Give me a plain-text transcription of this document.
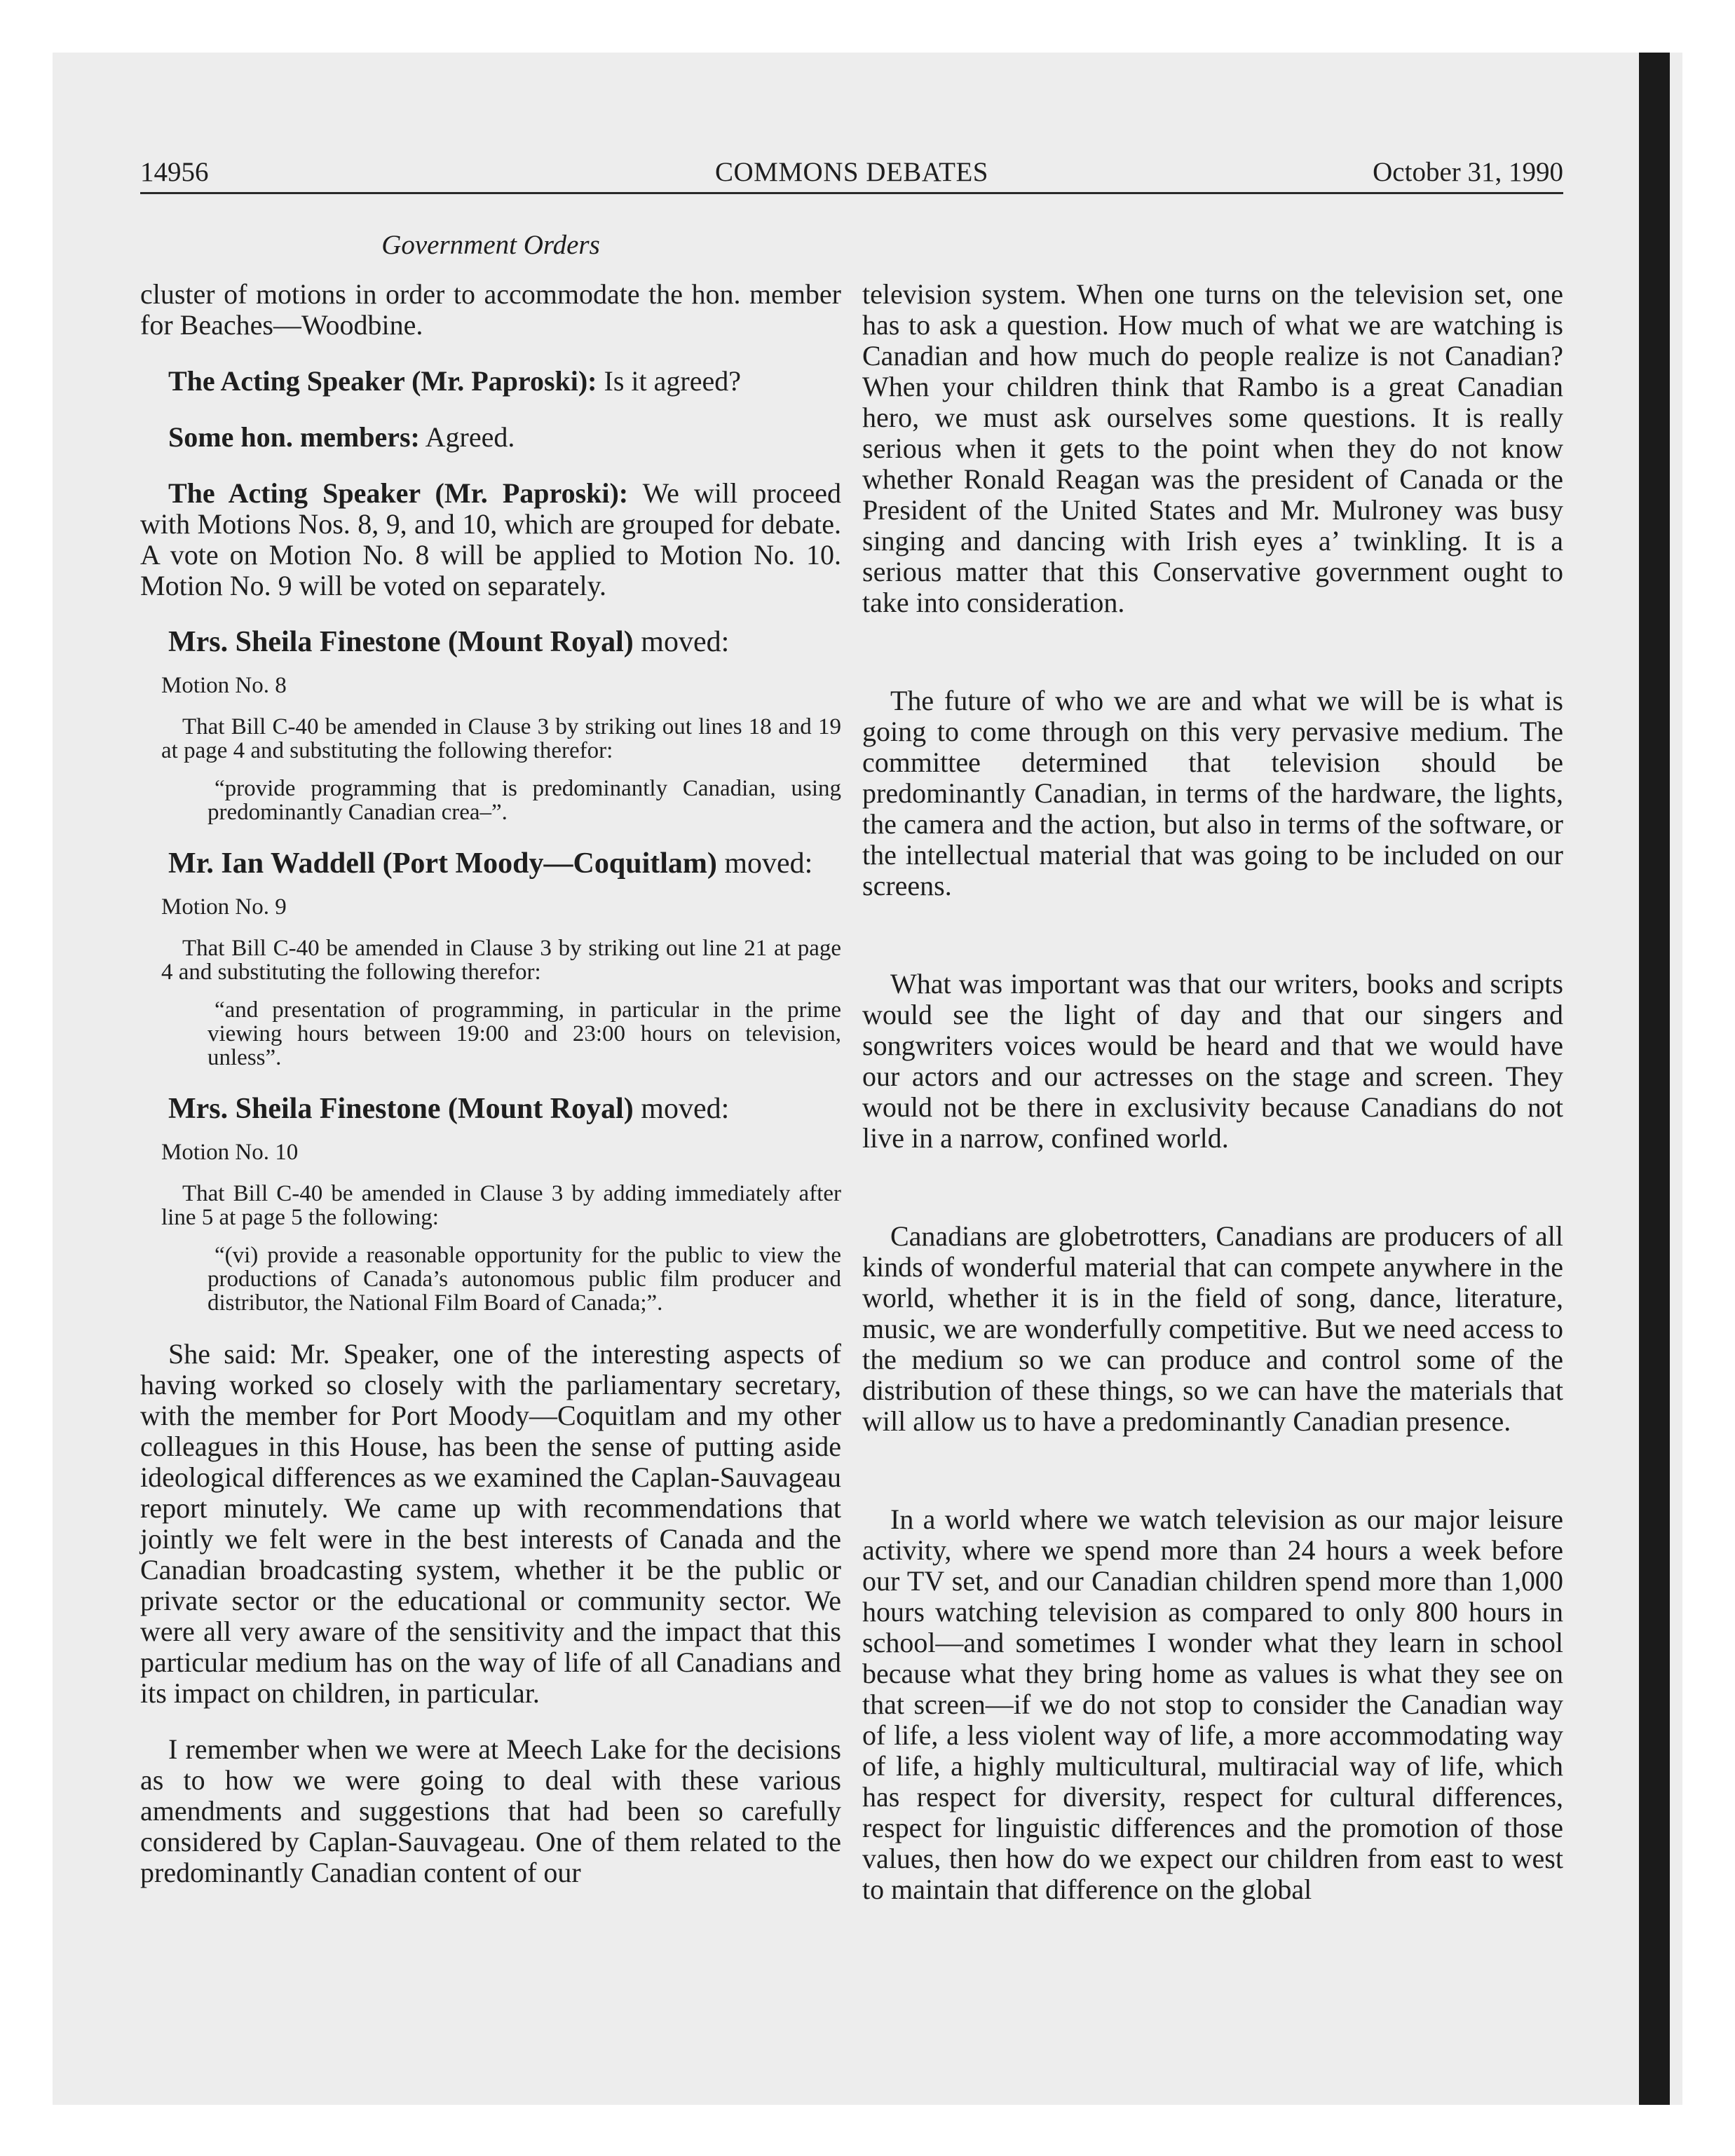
14956	COMMONS DEBATES	October 31, 1990
Government Orders

cluster of motions in order to accommodate the hon. member for Beaches—Woodbine.

The Acting Speaker (Mr. Paproski): Is it agreed?

Some hon. members: Agreed.

The Acting Speaker (Mr. Paproski): We will proceed with Motions Nos. 8, 9, and 10, which are grouped for debate. A vote on Motion No. 8 will be applied to Motion No. 10. Motion No. 9 will be voted on separately.

Mrs. Sheila Finestone (Mount Royal) moved:

Motion No. 8

That Bill C-40 be amended in Clause 3 by striking out lines 18 and 19 at page 4 and substituting the following therefor:

“provide programming that is predominantly Canadian, using predominantly Canadian crea–”.

Mr. Ian Waddell (Port Moody—Coquitlam) moved:

Motion No. 9

That Bill C-40 be amended in Clause 3 by striking out line 21 at page 4 and substituting the following therefor:

“and presentation of programming, in particular in the prime viewing hours between 19:00 and 23:00 hours on television, unless”.

Mrs. Sheila Finestone (Mount Royal) moved:

Motion No. 10

That Bill C-40 be amended in Clause 3 by adding immediately after line 5 at page 5 the following:

“(vi) provide a reasonable opportunity for the public to view the productions of Canada’s autonomous public film producer and distributor, the National Film Board of Canada;”.

She said: Mr. Speaker, one of the interesting aspects of having worked so closely with the parliamentary secretary, with the member for Port Moody—Coquitlam and my other colleagues in this House, has been the sense of putting aside ideological differences as we examined the Caplan-Sauvageau report minutely. We came up with recommendations that jointly we felt were in the best interests of Canada and the Canadian broadcasting system, whether it be the public or private sector or the educational or community sector. We were all very aware of the sensitivity and the impact that this particular medium has on the way of life of all Canadians and its impact on children, in particular.

I remember when we were at Meech Lake for the decisions as to how we were going to deal with these various amendments and suggestions that had been so carefully considered by Caplan-Sauvageau. One of them related to the predominantly Canadian content of our

television system. When one turns on the television set, one has to ask a question. How much of what we are watching is Canadian and how much do people realize is not Canadian? When your children think that Rambo is a great Canadian hero, we must ask ourselves some questions. It is really serious when it gets to the point when they do not know whether Ronald Reagan was the president of Canada or the President of the United States and Mr. Mulroney was busy singing and dancing with Irish eyes a’ twinkling. It is a serious matter that this Conservative government ought to take into consideration.

The future of who we are and what we will be is what is going to come through on this very pervasive medium. The committee determined that television should be predominantly Canadian, in terms of the hardware, the lights, the camera and the action, but also in terms of the software, or the intellectual material that was going to be included on our screens.

What was important was that our writers, books and scripts would see the light of day and that our singers and songwriters voices would be heard and that we would have our actors and our actresses on the stage and screen. They would not be there in exclusivity because Canadians do not live in a narrow, confined world.

Canadians are globetrotters, Canadians are producers of all kinds of wonderful material that can compete anywhere in the world, whether it is in the field of song, dance, literature, music, we are wonderfully competitive. But we need access to the medium so we can produce and control some of the distribution of these things, so we can have the materials that will allow us to have a predominantly Canadian presence.

In a world where we watch television as our major leisure activity, where we spend more than 24 hours a week before our TV set, and our Canadian children spend more than 1,000 hours watching television as compared to only 800 hours in school—and sometimes I wonder what they learn in school because what they bring home as values is what they see on that screen—if we do not stop to consider the Canadian way of life, a less violent way of life, a more accommodating way of life, a highly multicultural, multiracial way of life, which has respect for diversity, respect for cultural differences, respect for linguistic differences and the promotion of those values, then how do we expect our children from east to west to maintain that difference on the global
